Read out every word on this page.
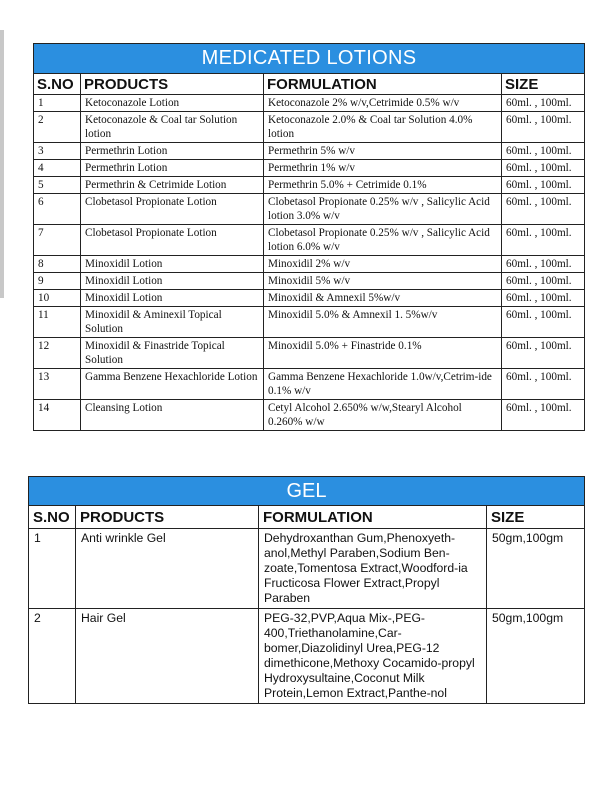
MEDICATED LOTIONS			
S.NO	PRODUCTS	FORMULATION	SIZE
1	Ketoconazole Lotion	Ketoconazole 2% w/v,Cetrimide 0.5% w/v	60ml. , 100ml.
2	Ketoconazole & Coal tar Solution lotion	Ketoconazole 2.0% & Coal tar Solution 4.0% lotion	60ml. , 100ml.
3	Permethrin Lotion	Permethrin 5% w/v	60ml. , 100ml.
4	Permethrin Lotion	Permethrin 1% w/v	60ml. , 100ml.
5	Permethrin & Cetrimide Lotion	Permethrin 5.0% + Cetrimide 0.1%	60ml. , 100ml.
6	Clobetasol Propionate Lotion	Clobetasol Propionate 0.25% w/v , Salicylic Acid lotion 3.0% w/v	60ml. , 100ml.
7	Clobetasol Propionate Lotion	Clobetasol Propionate 0.25% w/v , Salicylic Acid lotion 6.0% w/v	60ml. , 100ml.
8	Minoxidil Lotion	Minoxidil 2% w/v	60ml. , 100ml.
9	Minoxidil Lotion	Minoxidil 5% w/v	60ml. , 100ml.
10	Minoxidil Lotion	Minoxidil & Amnexil 5%w/v	60ml. , 100ml.
11	Minoxidil & Aminexil Topical Solution	Minoxidil 5.0% & Amnexil 1. 5%w/v	60ml. , 100ml.
12	Minoxidil & Finastride Topical Solution	Minoxidil 5.0% + Finastride 0.1%	60ml. , 100ml.
13	Gamma Benzene Hexachloride Lotion	Gamma Benzene Hexachloride 1.0w/v,Cetrim-ide 0.1% w/v	60ml. , 100ml.
14	Cleansing Lotion	Cetyl Alcohol 2.650% w/w,Stearyl Alcohol 0.260% w/w	60ml. , 100ml.
GEL			
S.NO	PRODUCTS	FORMULATION	SIZE
1	Anti wrinkle Gel	Dehydroxanthan Gum,Phenoxyeth-anol,Methyl Paraben,Sodium Ben-zoate,Tomentosa Extract,Woodford-ia Fructicosa Flower Extract,Propyl Paraben	50gm,100gm
2	Hair Gel	PEG-32,PVP,Aqua Mix-,PEG-400,Triethanolamine,Car-bomer,Diazolidinyl Urea,PEG-12 dimethicone,Methoxy Cocamido-propyl Hydroxysultaine,Coconut Milk Protein,Lemon Extract,Panthe-nol	50gm,100gm
